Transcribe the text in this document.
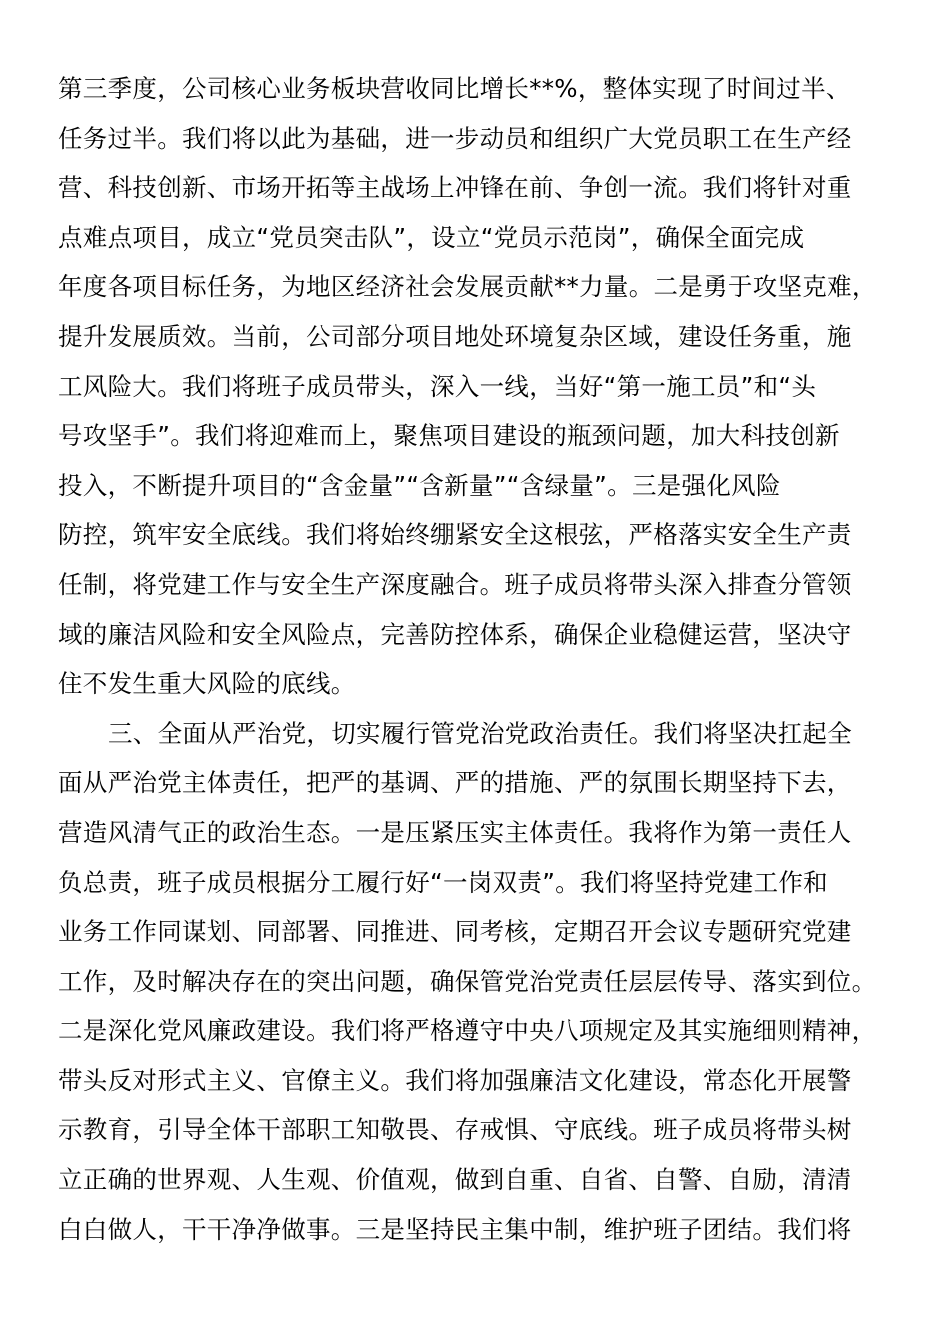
第三季度，公司核心业务板块营收同比增长**%，整体实现了时间过半、
任务过半。我们将以此为基础，进一步动员和组织广大党员职工在生产经
营、科技创新、市场开拓等主战场上冲锋在前、争创一流。我们将针对重
点难点项目，成立“党员突击队”，设立“党员示范岗”，确保全面完成
年度各项目标任务，为地区经济社会发展贡献**力量。二是勇于攻坚克难，
提升发展质效。当前，公司部分项目地处环境复杂区域，建设任务重，施
工风险大。我们将班子成员带头，深入一线，当好“第一施工员”和“头
号攻坚手”。我们将迎难而上，聚焦项目建设的瓶颈问题，加大科技创新
投入，不断提升项目的“含金量”“含新量”“含绿量”。三是强化风险
防控，筑牢安全底线。我们将始终绷紧安全这根弦，严格落实安全生产责
任制，将党建工作与安全生产深度融合。班子成员将带头深入排查分管领
域的廉洁风险和安全风险点，完善防控体系，确保企业稳健运营，坚决守
住不发生重大风险的底线。
三、全面从严治党，切实履行管党治党政治责任。我们将坚决扛起全
面从严治党主体责任，把严的基调、严的措施、严的氛围长期坚持下去，
营造风清气正的政治生态。一是压紧压实主体责任。我将作为第一责任人
负总责，班子成员根据分工履行好“一岗双责”。我们将坚持党建工作和
业务工作同谋划、同部署、同推进、同考核，定期召开会议专题研究党建
工作，及时解决存在的突出问题，确保管党治党责任层层传导、落实到位。
二是深化党风廉政建设。我们将严格遵守中央八项规定及其实施细则精神，
带头反对形式主义、官僚主义。我们将加强廉洁文化建设，常态化开展警
示教育，引导全体干部职工知敬畏、存戒惧、守底线。班子成员将带头树
立正确的世界观、人生观、价值观，做到自重、自省、自警、自励，清清
白白做人，干干净净做事。三是坚持民主集中制，维护班子团结。我们将
